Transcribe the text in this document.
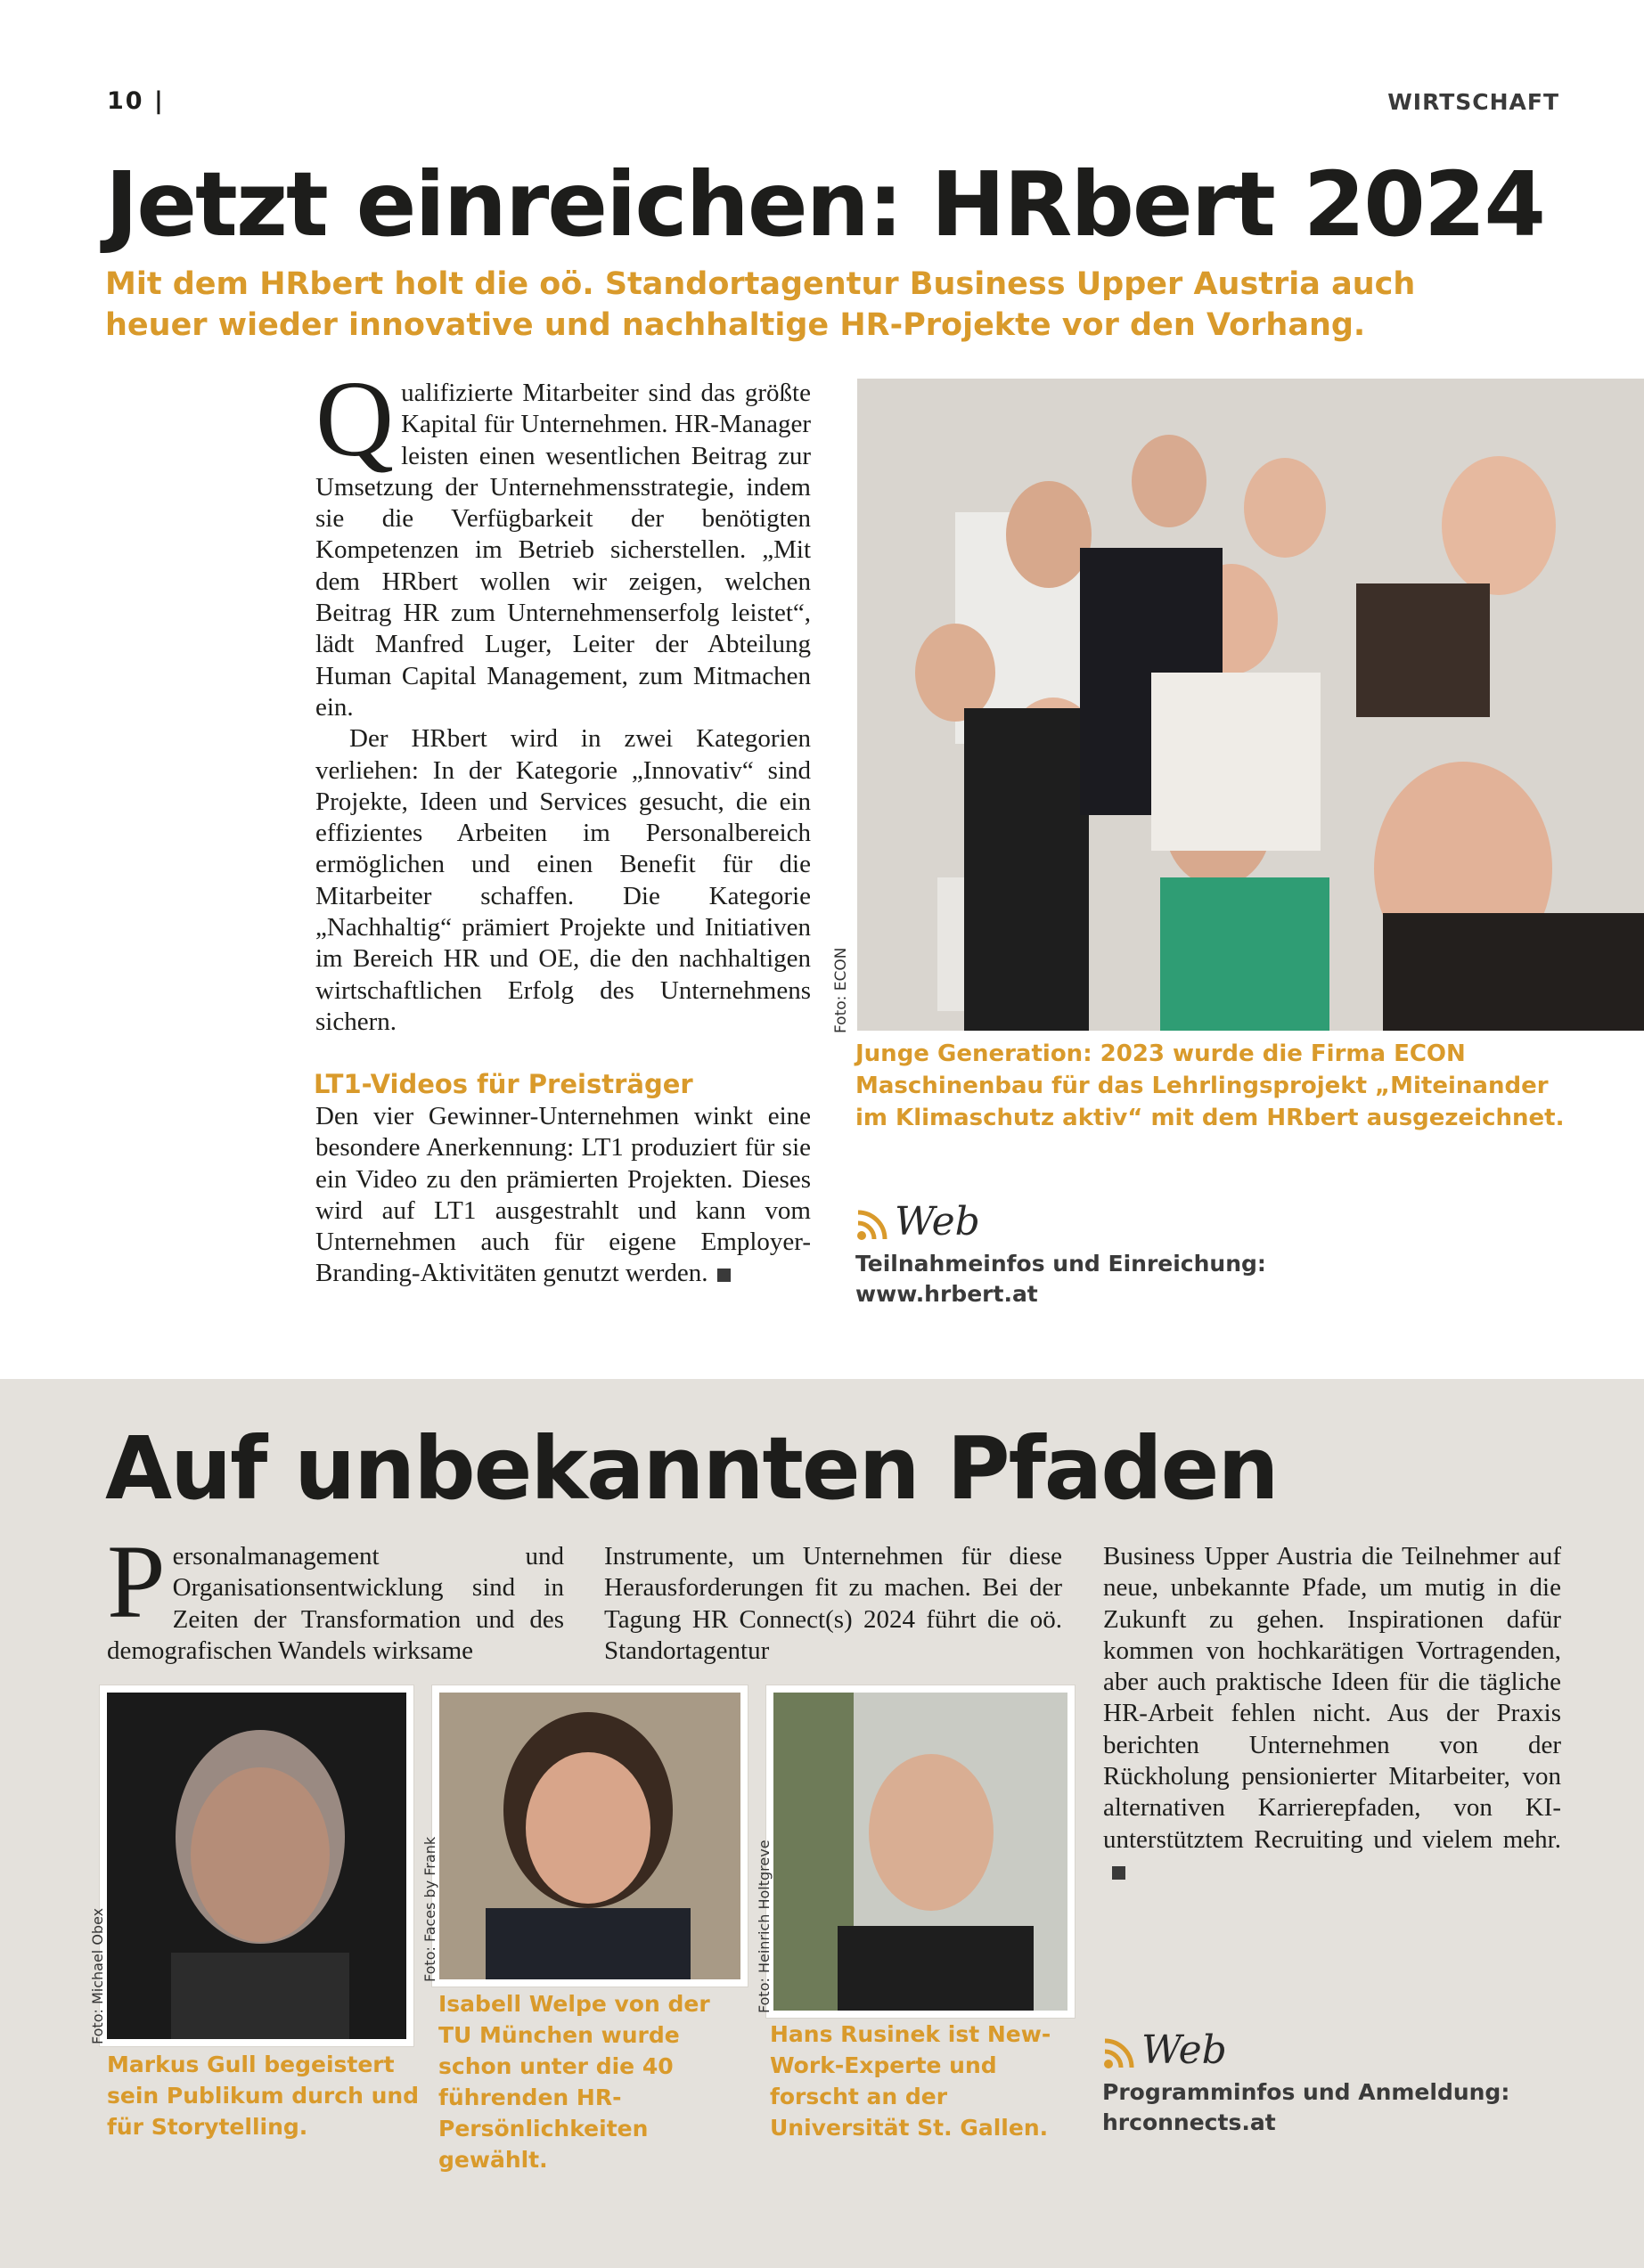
10 |	WIRTSCHAFT
Jetzt einreichen: HRbert 2024
Mit dem HRbert holt die oö. Standortagentur Business Upper Austria auch heuer wieder innovative und nachhaltige HR-Projekte vor den Vorhang.

Qualifizierte Mitarbeiter sind das größte Kapital für Unternehmen. HR-Manager leisten einen wesentlichen Beitrag zur Umsetzung der Unternehmensstrategie, indem sie die Verfügbarkeit der benötigten Kompetenzen im Betrieb sicherstellen. „Mit dem HRbert wollen wir zeigen, welchen Beitrag HR zum Unternehmenserfolg leistet“, lädt Manfred Luger, Leiter der Abteilung Human Capital Management, zum Mitmachen ein.

Der HRbert wird in zwei Kategorien verliehen: In der Kategorie „Innovativ“ sind Projekte, Ideen und Services gesucht, die ein effizientes Arbeiten im Personalbereich ermöglichen und einen Benefit für die Mitarbeiter schaffen. Die Kategorie „Nachhaltig“ prämiert Projekte und Initiativen im Bereich HR und OE, die den nachhaltigen wirtschaftlichen Erfolg des Unternehmens sichern.

LT1-Videos für Preisträger

Den vier Gewinner-Unternehmen winkt eine besondere Anerkennung: LT1 produziert für sie ein Video zu den prämierten Projekten. Dieses wird auf LT1 ausgestrahlt und kann vom Unternehmen auch für eigene Employer-Branding-Aktivitäten genutzt werden.

Foto: ECON
Junge Generation: 2023 wurde die Firma ECON Maschinenbau für das Lehrlingsprojekt „Miteinander im Klimaschutz aktiv“ mit dem HRbert ausgezeichnet.
Web
Teilnahmeinfos und Einreichung:
www.hrbert.at
Auf unbekannten Pfaden

Personalmanagement und Organisationsentwicklung sind in Zeiten der Transformation und des demografischen Wandels wirksame

Instrumente, um Unternehmen für diese Herausforderungen fit zu machen. Bei der Tagung HR Connect(s) 2024 führt die oö. Standortagentur

Business Upper Austria die Teilnehmer auf neue, unbekannte Pfade, um mutig in die Zukunft zu gehen. Inspirationen dafür kommen von hochkarätigen Vortragenden, aber auch praktische Ideen für die tägliche HR-Arbeit fehlen nicht. Aus der Praxis berichten Unternehmen von der Rückholung pensionierter Mitarbeiter, von alternativen Karrierepfaden, von KI-unterstütztem Recruiting und vielem mehr.

Foto: Michael Obex
Markus Gull begeistert sein Publikum durch und für Storytelling.
Foto: Faces by Frank
Isabell Welpe von der TU München wurde schon unter die 40 führenden HR-Persönlichkeiten gewählt.
Foto: Heinrich Holtgreve
Hans Rusinek ist New-Work-Experte und forscht an der Universität St. Gallen.
Web
Programminfos und Anmeldung:
hrconnects.at
